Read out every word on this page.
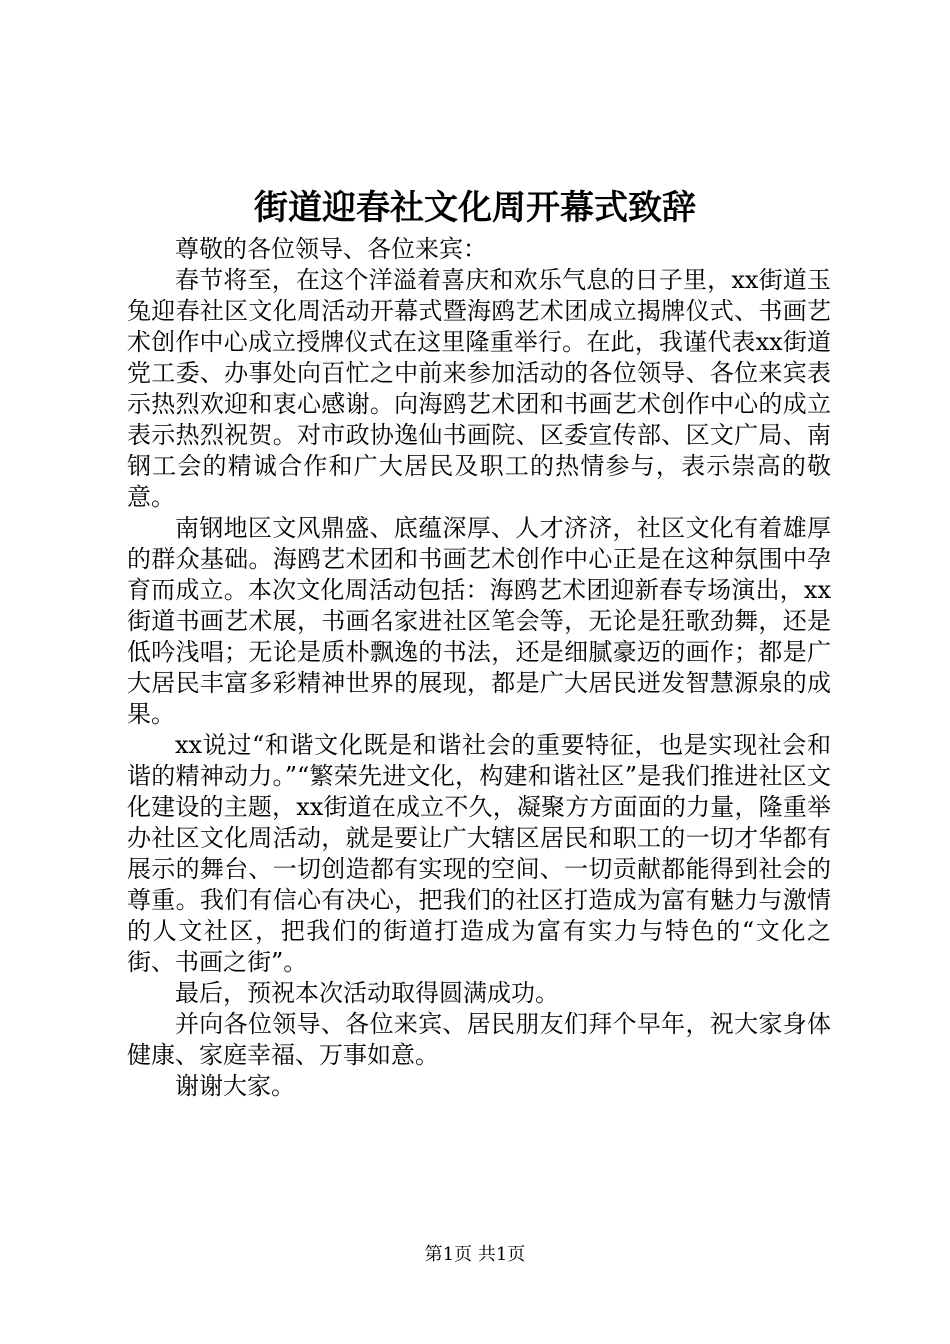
街道迎春社文化周开幕式致辞

尊敬的各位领导、各位来宾：

春节将至，在这个洋溢着喜庆和欢乐气息的日子里，xx街道玉兔迎春社区文化周活动开幕式暨海鸥艺术团成立揭牌仪式、书画艺术创作中心成立授牌仪式在这里隆重举行。在此，我谨代表xx街道党工委、办事处向百忙之中前来参加活动的各位领导、各位来宾表示热烈欢迎和衷心感谢。向海鸥艺术团和书画艺术创作中心的成立表示热烈祝贺。对市政协逸仙书画院、区委宣传部、区文广局、南钢工会的精诚合作和广大居民及职工的热情参与，表示崇高的敬意。

南钢地区文风鼎盛、底蕴深厚、人才济济，社区文化有着雄厚的群众基础。海鸥艺术团和书画艺术创作中心正是在这种氛围中孕育而成立。本次文化周活动包括：海鸥艺术团迎新春专场演出，xx街道书画艺术展，书画名家进社区笔会等，无论是狂歌劲舞，还是低吟浅唱；无论是质朴飘逸的书法，还是细腻豪迈的画作；都是广大居民丰富多彩精神世界的展现，都是广大居民迸发智慧源泉的成果。

xx说过“和谐文化既是和谐社会的重要特征，也是实现社会和谐的精神动力。”“繁荣先进文化，构建和谐社区”是我们推进社区文化建设的主题，xx街道在成立不久，凝聚方方面面的力量，隆重举办社区文化周活动，就是要让广大辖区居民和职工的一切才华都有展示的舞台、一切创造都有实现的空间、一切贡献都能得到社会的尊重。我们有信心有决心，把我们的社区打造成为富有魅力与激情的人文社区，把我们的街道打造成为富有实力与特色的“文化之街、书画之街”。

最后，预祝本次活动取得圆满成功。

并向各位领导、各位来宾、居民朋友们拜个早年，祝大家身体健康、家庭幸福、万事如意。

谢谢大家。

第1页 共1页
